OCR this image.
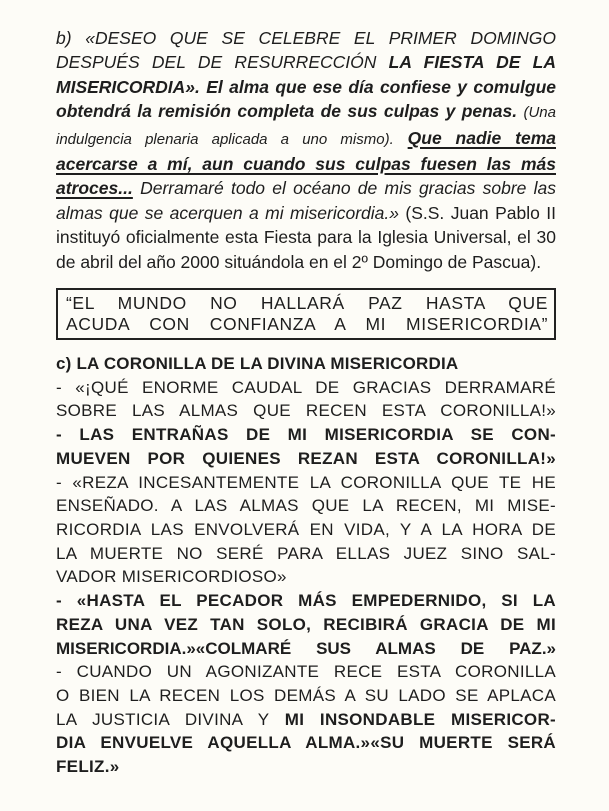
b) «DESEO QUE SE CELEBRE EL PRIMER DOMINGO DESPUÉS DEL DE RESURRECCIÓN LA FIESTA DE LA MISERICORDIA». El alma que ese día confiese y comulgue obtendrá la remisión completa de sus culpas y penas. (Una indulgencia plenaria aplicada a uno mismo). Que nadie tema acercarse a mí, aun cuando sus culpas fuesen las más atroces... Derramaré todo el océano de mis gracias sobre las almas que se acerquen a mi misericordia.» (S.S. Juan Pablo II instituyó oficialmente esta Fiesta para la Iglesia Universal, el 30 de abril del año 2000 situándola en el 2º Domingo de Pascua).
“EL MUNDO NO HALLARÁ PAZ HASTA QUE
ACUDA CON CONFIANZA A MI MISERICORDIA”
c) LA CORONILLA DE LA DIVINA MISERICORDIA
- «¡QUÉ ENORME CAUDAL DE GRACIAS DERRAMARÉ
SOBRE LAS ALMAS QUE RECEN ESTA CORONILLA!»
- LAS ENTRAÑAS DE MI MISERICORDIA SE CON-
MUEVEN POR QUIENES REZAN ESTA CORONILLA!»
- «REZA INCESANTEMENTE LA CORONILLA QUE TE HE
ENSEÑADO. A LAS ALMAS QUE LA RECEN, MI MISE-
RICORDIA LAS ENVOLVERÁ EN VIDA, Y A LA HORA DE
LA MUERTE NO SERÉ PARA ELLAS JUEZ SINO SAL-
VADOR MISERICORDIOSO»
- «HASTA EL PECADOR MÁS EMPEDERNIDO, SI LA
REZA UNA VEZ TAN SOLO, RECIBIRÁ GRACIA DE MI
MISERICORDIA.»«COLMARÉ SUS ALMAS DE PAZ.»
- CUANDO UN AGONIZANTE RECE ESTA CORONILLA
O BIEN LA RECEN LOS DEMÁS A SU LADO SE APLACA
LA JUSTICIA DIVINA Y MI INSONDABLE MISERICOR-
DIA ENVUELVE AQUELLA ALMA.»«SU MUERTE SERÁ
FELIZ.»
